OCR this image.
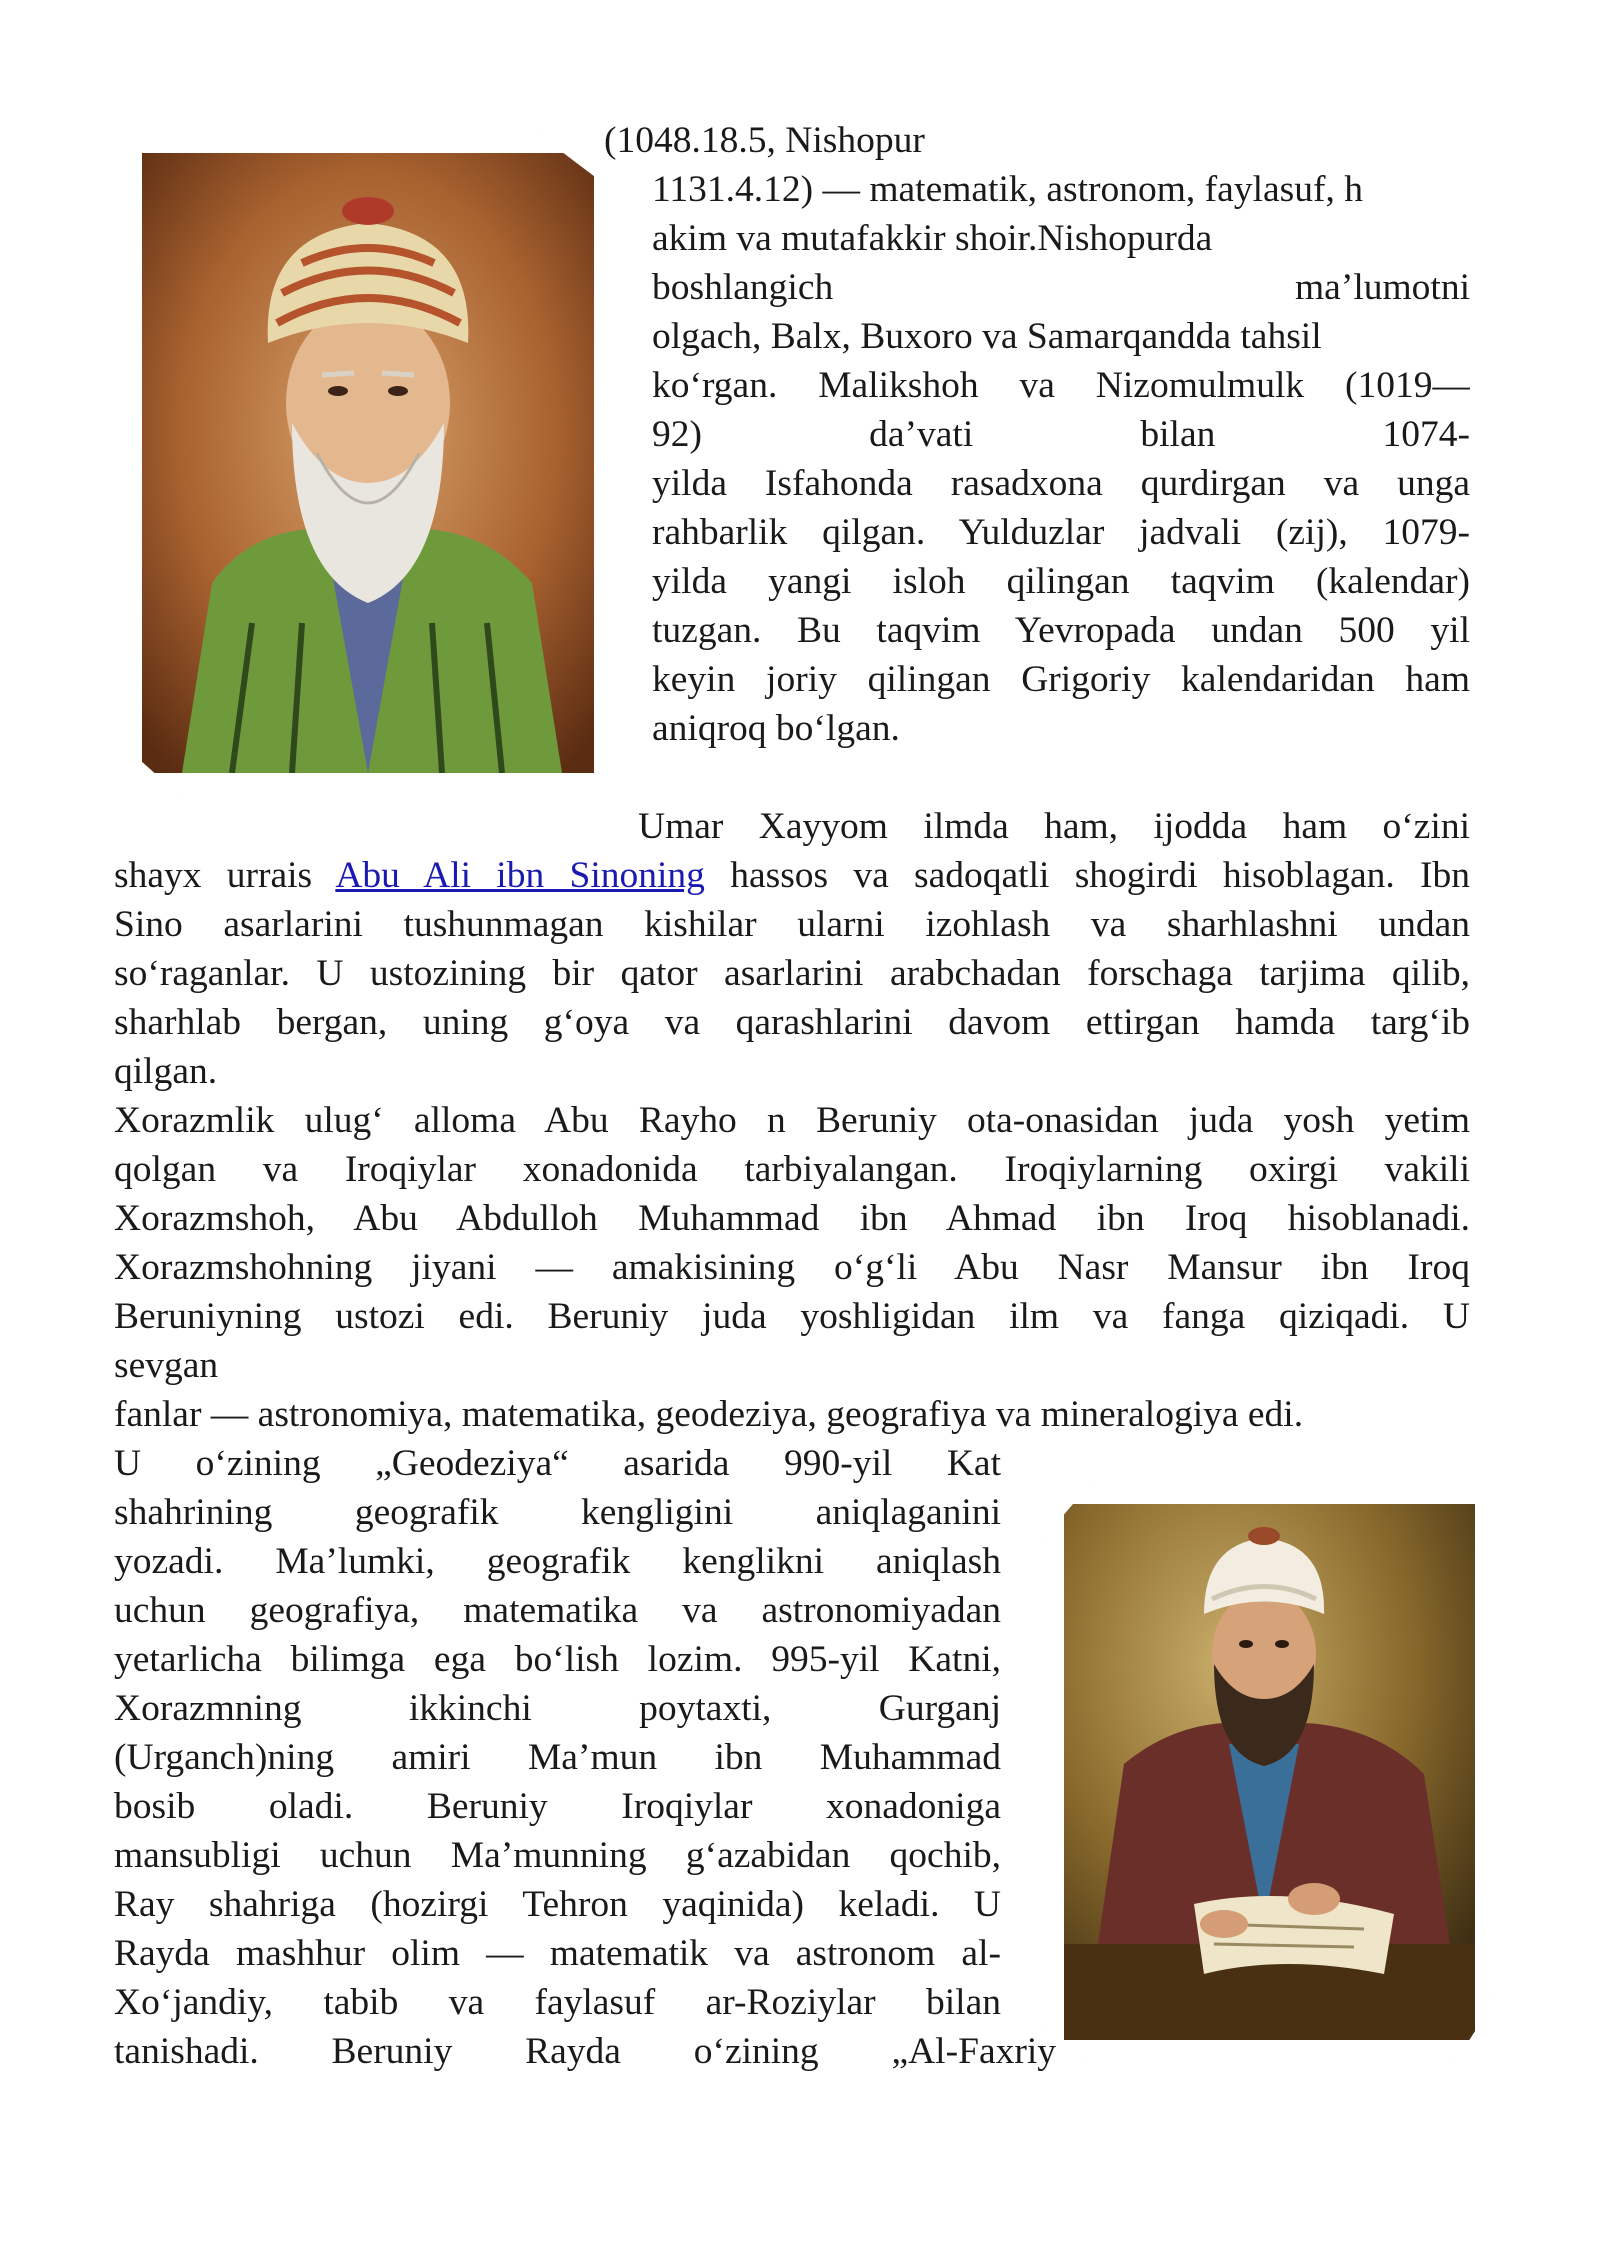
(1048.18.5, Nishopur
1131.4.12) — matematik, astronom, faylasuf, h
akim va mutafakkir shoir.Nishopurda
boshlangich ma’lumotni
olgach, Balx, Buxoro va Samarqandda tahsil
ko‘rgan. Malikshoh va Nizomulmulk (1019—
92) da’vati bilan 1074-
yilda Isfahonda rasadxona qurdirgan va unga
rahbarlik qilgan. Yulduzlar jadvali (zij), 1079-
yilda yangi isloh qilingan taqvim (kalendar)
tuzgan. Bu taqvim Yevropada undan 500 yil
keyin joriy qilingan Grigoriy kalendaridan ham
aniqroq bo‘lgan.
Umar Xayyom ilmda ham, ijodda ham o‘zini
shayx urrais Abu Ali ibn Sinoning hassos va sadoqatli shogirdi hisoblagan. Ibn
Sino asarlarini tushunmagan kishilar ularni izohlash va sharhlashni undan
so‘raganlar. U ustozining bir qator asarlarini arabchadan forschaga tarjima qilib,
sharhlab bergan, uning g‘oya va qarashlarini davom ettirgan hamda targ‘ib
qilgan.
Xorazmlik ulug‘ alloma Abu Rayho n Beruniy ota-onasidan juda yosh yetim
qolgan va Iroqiylar xonadonida tarbiyalangan. Iroqiylarning oxirgi vakili
Xorazmshoh, Abu Abdulloh Muhammad ibn Ahmad ibn Iroq hisoblanadi.
Xorazmshohning jiyani — amakisining o‘g‘li Abu Nasr Mansur ibn Iroq
Beruniyning ustozi edi. Beruniy juda yoshligidan ilm va fanga qiziqadi. U
sevgan
fanlar — astronomiya, matematika, geodeziya, geografiya va mineralogiya edi.
U o‘zining „Geodeziya“ asarida 990-yil Kat
shahrining geografik kengligini aniqlaganini
yozadi. Ma’lumki, geografik kenglikni aniqlash
uchun geografiya, matematika va astronomiyadan
yetarlicha bilimga ega bo‘lish lozim. 995-yil Katni,
Xorazmning ikkinchi poytaxti, Gurganj
(Urganch)ning amiri Ma’mun ibn Muhammad
bosib oladi. Beruniy Iroqiylar xonadoniga
mansubligi uchun Ma’munning g‘azabidan qochib,
Ray shahriga (hozirgi Tehron yaqinida) keladi. U
Rayda mashhur olim — matematik va astronom al-
Xo‘jandiy, tabib va faylasuf ar-Roziylar bilan
tanishadi. Beruniy Rayda o‘zining „Al-Faxriy
